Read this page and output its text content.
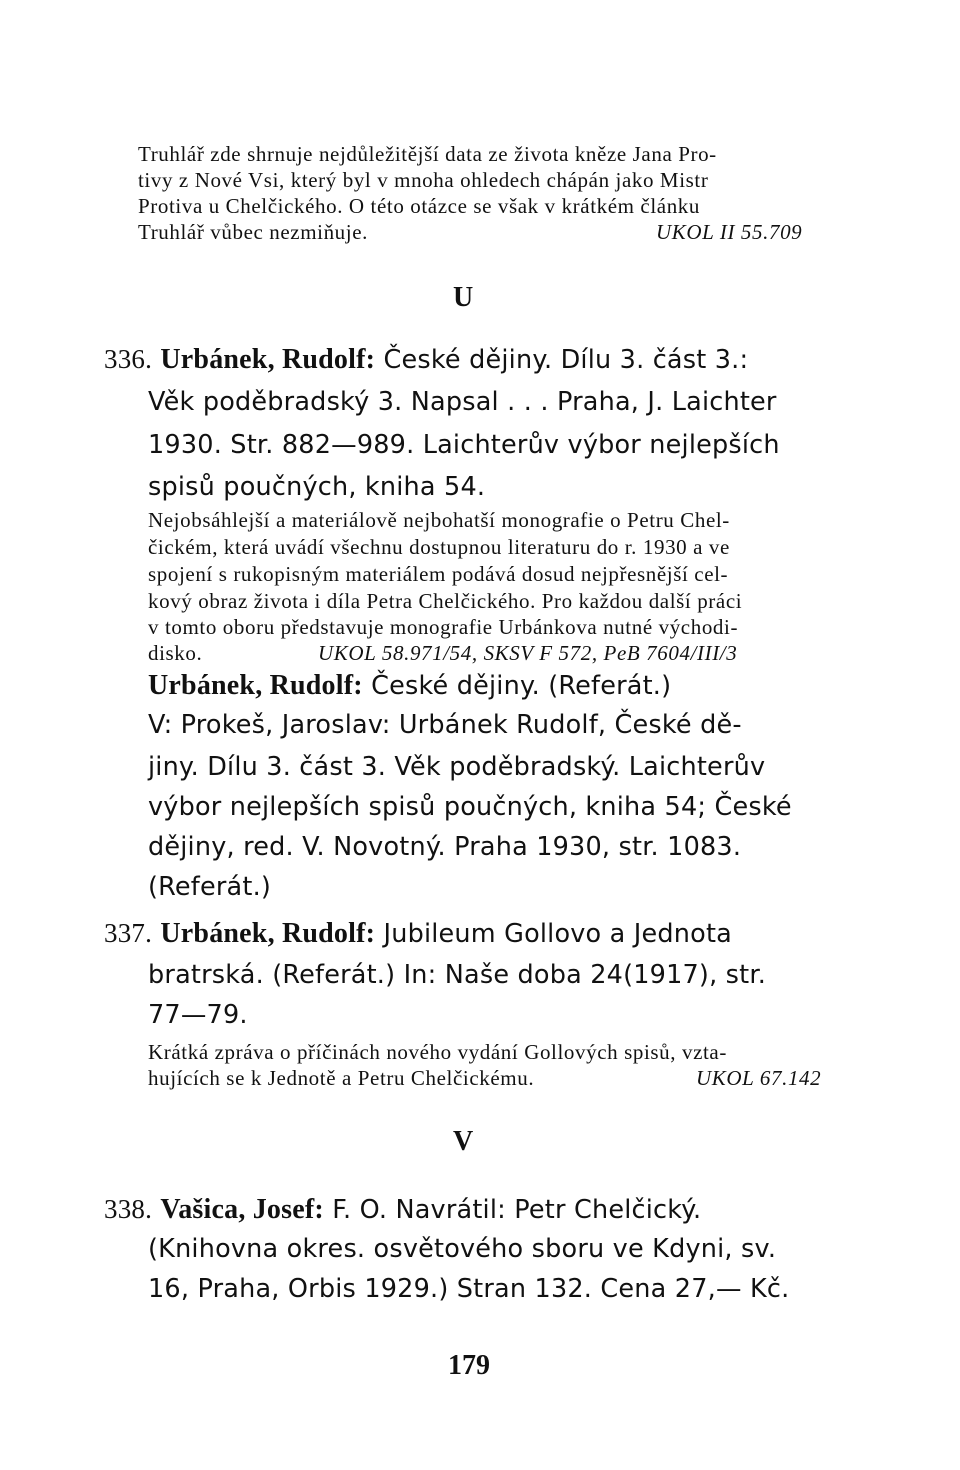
Truhlář zde shrnuje nejdůležitější data ze života kněze Jana Pro-

tivy z Nové Vsi, který byl v mnoha ohledech chápán jako Mistr

Protiva u Chelčického. O této otázce se však v krátkém článku

Truhlář vůbec nezmiňuje.	UKOL II 55.709

U

336. Urbánek, Rudolf: České dějiny. Dílu 3. část 3.:

Věk poděbradský 3. Napsal . . . Praha, J. Laichter

1930. Str. 882—989. Laichterův výbor nejlepších

spisů poučných, kniha 54.

Nejobsáhlejší a materiálově nejbohatší monografie o Petru Chel-

čickém, která uvádí všechnu dostupnou literaturu do r. 1930 a ve

spojení s rukopisným materiálem podává dosud nejpřesnější cel-

kový obraz života i díla Petra Chelčického. Pro každou další práci

v tomto oboru představuje monografie Urbánkova nutné východi-

disko.	UKOL 58.971/54, SKSV F 572, PeB 7604/III/3

Urbánek, Rudolf: České dějiny. (Referát.)

V: Prokeš, Jaroslav: Urbánek Rudolf, České dě-

jiny. Dílu 3. část 3. Věk poděbradský. Laichterův

výbor nejlepších spisů poučných, kniha 54; České

dějiny, red. V. Novotný. Praha 1930, str. 1083.

(Referát.)

337. Urbánek, Rudolf: Jubileum Gollovo a Jednota

bratrská. (Referát.) In: Naše doba 24(1917), str.

77—79.

Krátká zpráva o příčinách nového vydání Gollových spisů, vzta-

hujících se k Jednotě a Petru Chelčickému.	UKOL 67.142

V

338. Vašica, Josef: F. O. Navrátil: Petr Chelčický.

(Knihovna okres. osvětového sboru ve Kdyni, sv.

16, Praha, Orbis 1929.) Stran 132. Cena 27,— Kč.

179
